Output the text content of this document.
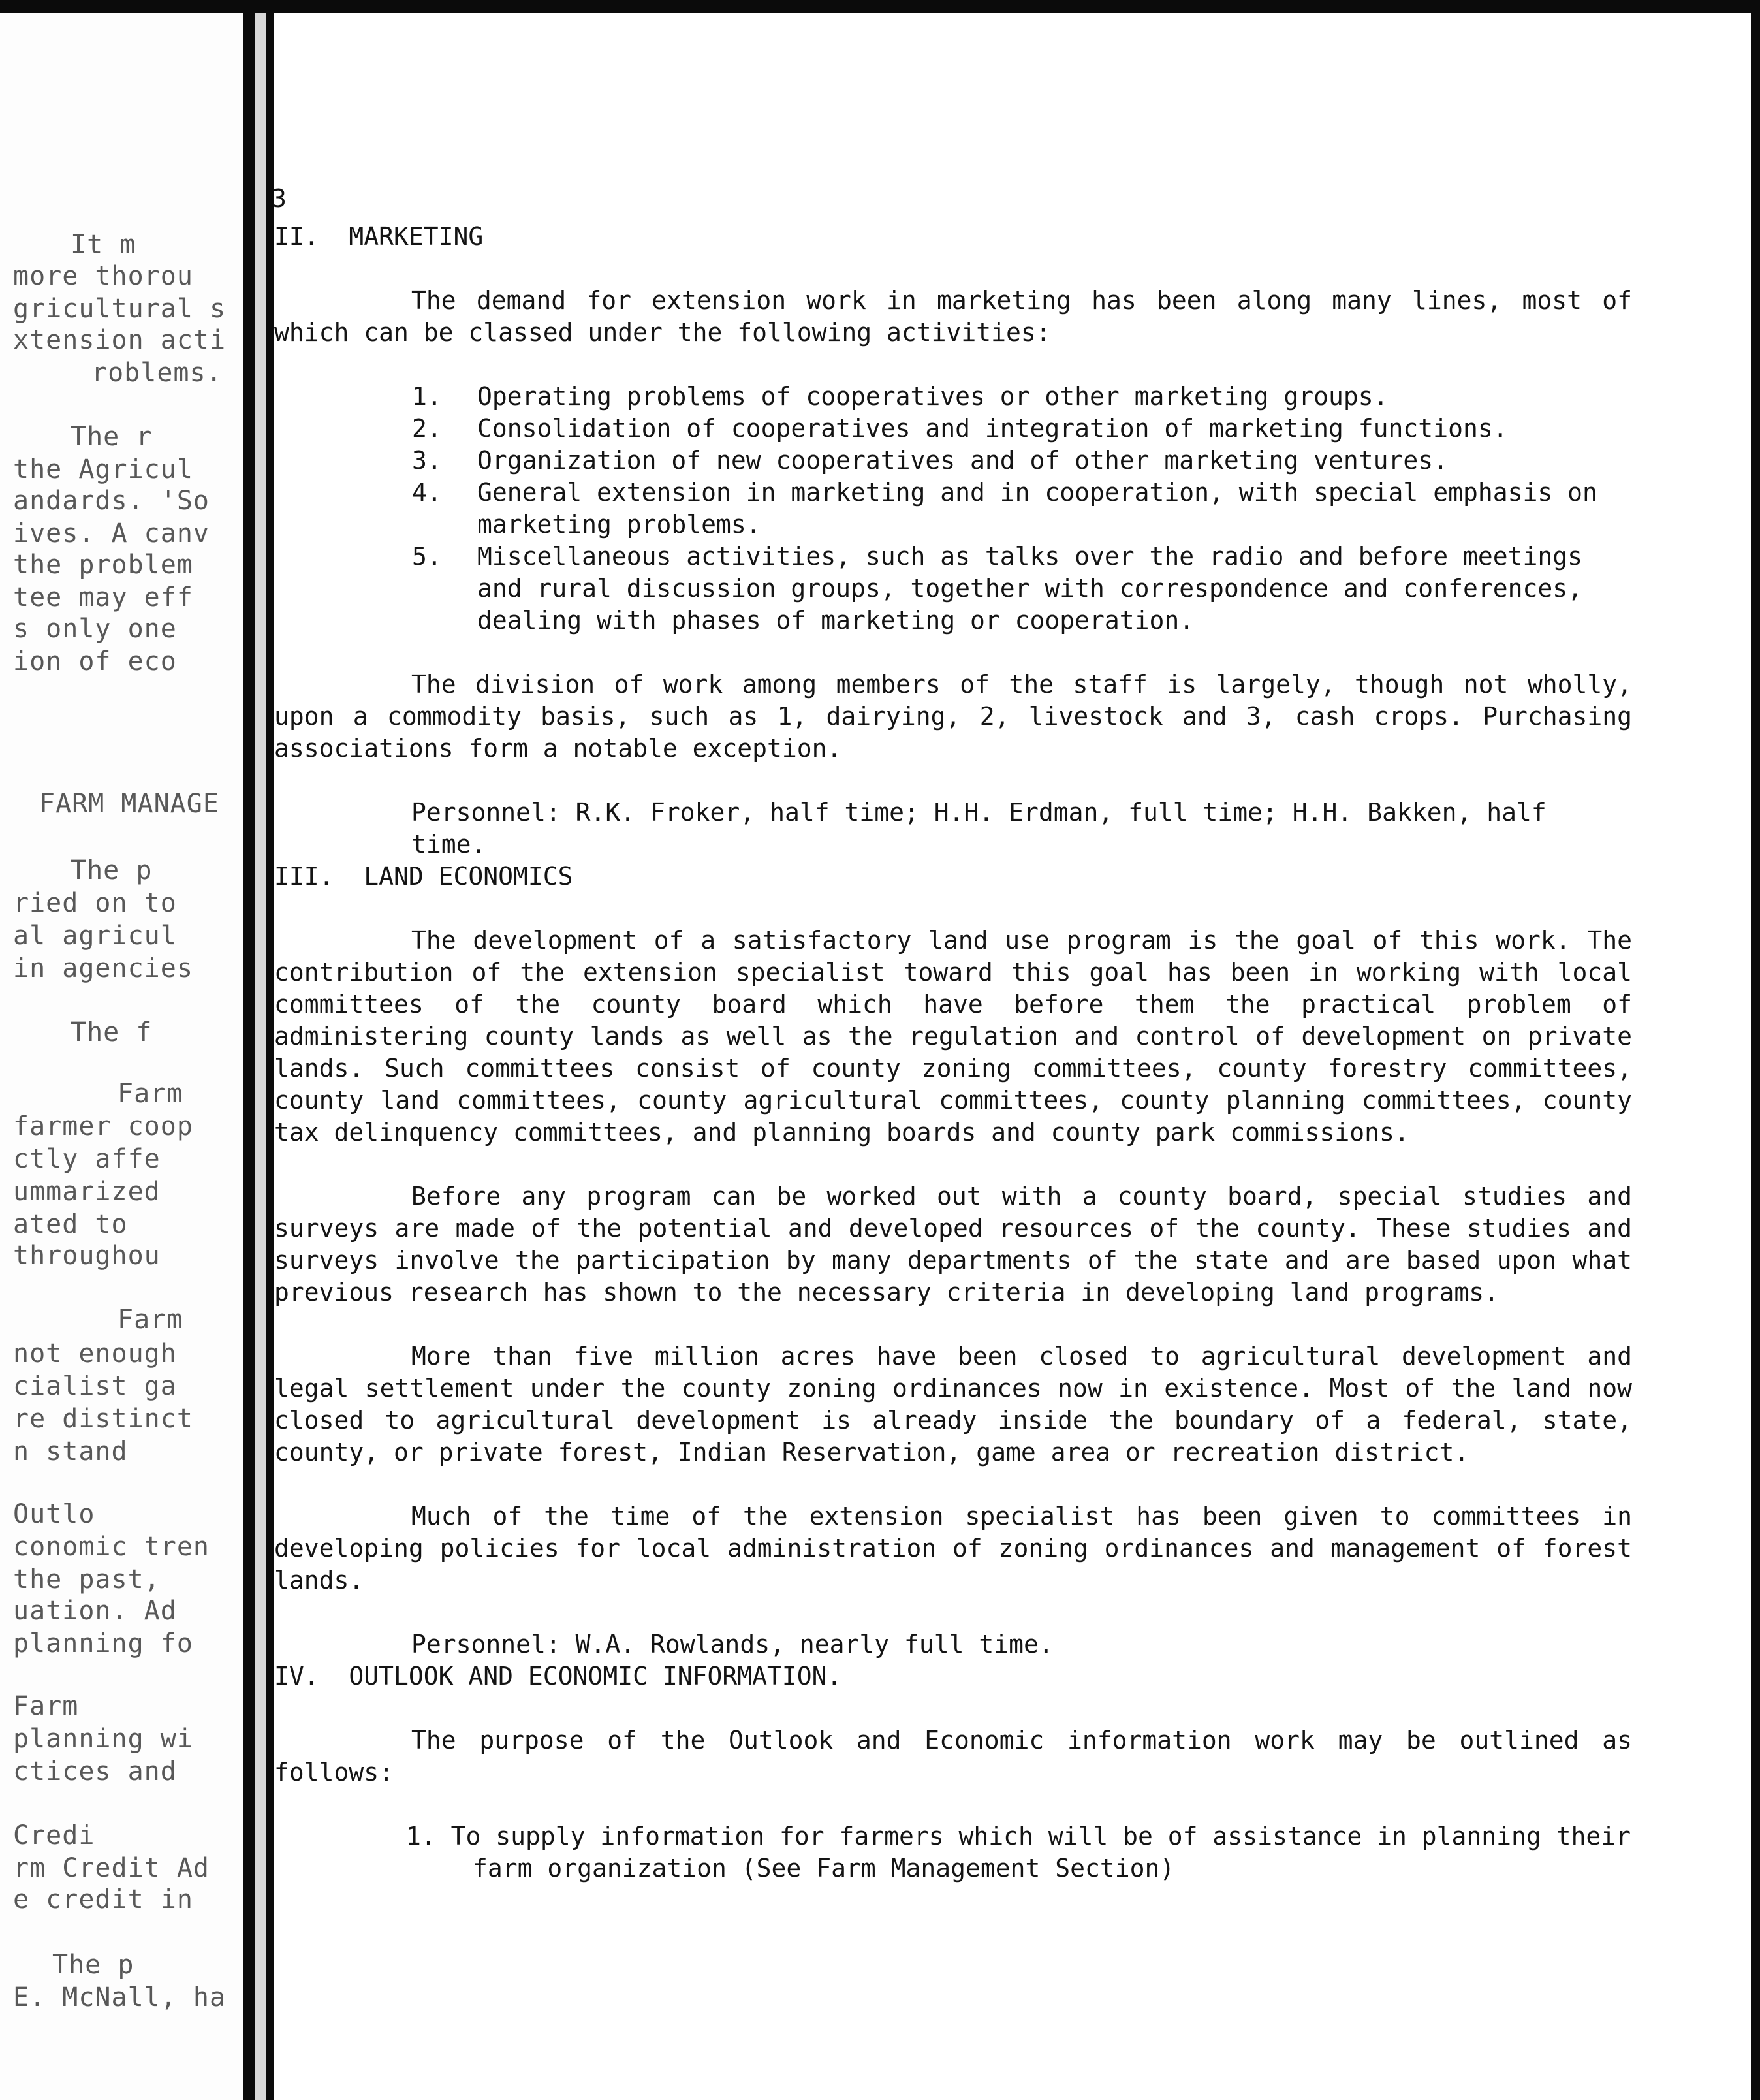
It m
more thorou
gricultural s
xtension acti
roblems.
The r
the Agricul
andards. 'So
ives. A canv
the problem
tee may eff
s only one
ion of eco
FARM MANAGE
The p
ried on to
al agricul
in agencies
The f
Farm
farmer coop
ctly affe
ummarized
ated to
throughou
Farm
not enough
cialist ga
re distinct
n stand
Outlo
conomic tren
the past,
uation. Ad
planning fo
Farm
planning wi
ctices and
Credi
rm Credit Ad
e credit in
The p
E. McNall, ha
3
II.  MARKETING

The demand for extension work in marketing has been along many lines, most of which can be classed under the following activities:

1. Operating problems of cooperatives or other marketing groups.
2. Consolidation of cooperatives and integration of marketing functions.
3. Organization of new cooperatives and of other marketing ventures.
4. General extension in marketing and in cooperation, with special emphasis on marketing problems.
5. Miscellaneous activities, such as talks over the radio and before meetings and rural discussion groups, together with correspondence and conferences, dealing with phases of marketing or cooperation.

The division of work among members of the staff is largely, though not wholly, upon a commodity basis, such as 1, dairying, 2, livestock and 3, cash crops. Purchasing associations form a notable exception.

Personnel: R.K. Froker, half time; H.H. Erdman, full time; H.H. Bakken, half time.
III.  LAND ECONOMICS

The development of a satisfactory land use program is the goal of this work. The contribution of the extension specialist toward this goal has been in working with local committees of the county board which have before them the practical problem of administering county lands as well as the regulation and control of development on private lands. Such committees consist of county zoning committees, county forestry committees, county land committees, county agricultural committees, county planning committees, county tax delinquency committees, and planning boards and county park commissions.

Before any program can be worked out with a county board, special studies and surveys are made of the potential and developed resources of the county. These studies and surveys involve the participation by many departments of the state and are based upon what previous research has shown to the necessary criteria in developing land programs.

More than five million acres have been closed to agricultural development and legal settlement under the county zoning ordinances now in existence. Most of the land now closed to agricultural development is already inside the boundary of a federal, state, county, or private forest, Indian Reservation, game area or recreation district.

Much of the time of the extension specialist has been given to committees in developing policies for local administration of zoning ordinances and management of forest lands.

Personnel: W.A. Rowlands, nearly full time.
IV.  OUTLOOK AND ECONOMIC INFORMATION.

The purpose of the Outlook and Economic information work may be outlined as follows:

1. To supply information for farmers which will be of assistance in planning their farm organization (See Farm Management Section)
